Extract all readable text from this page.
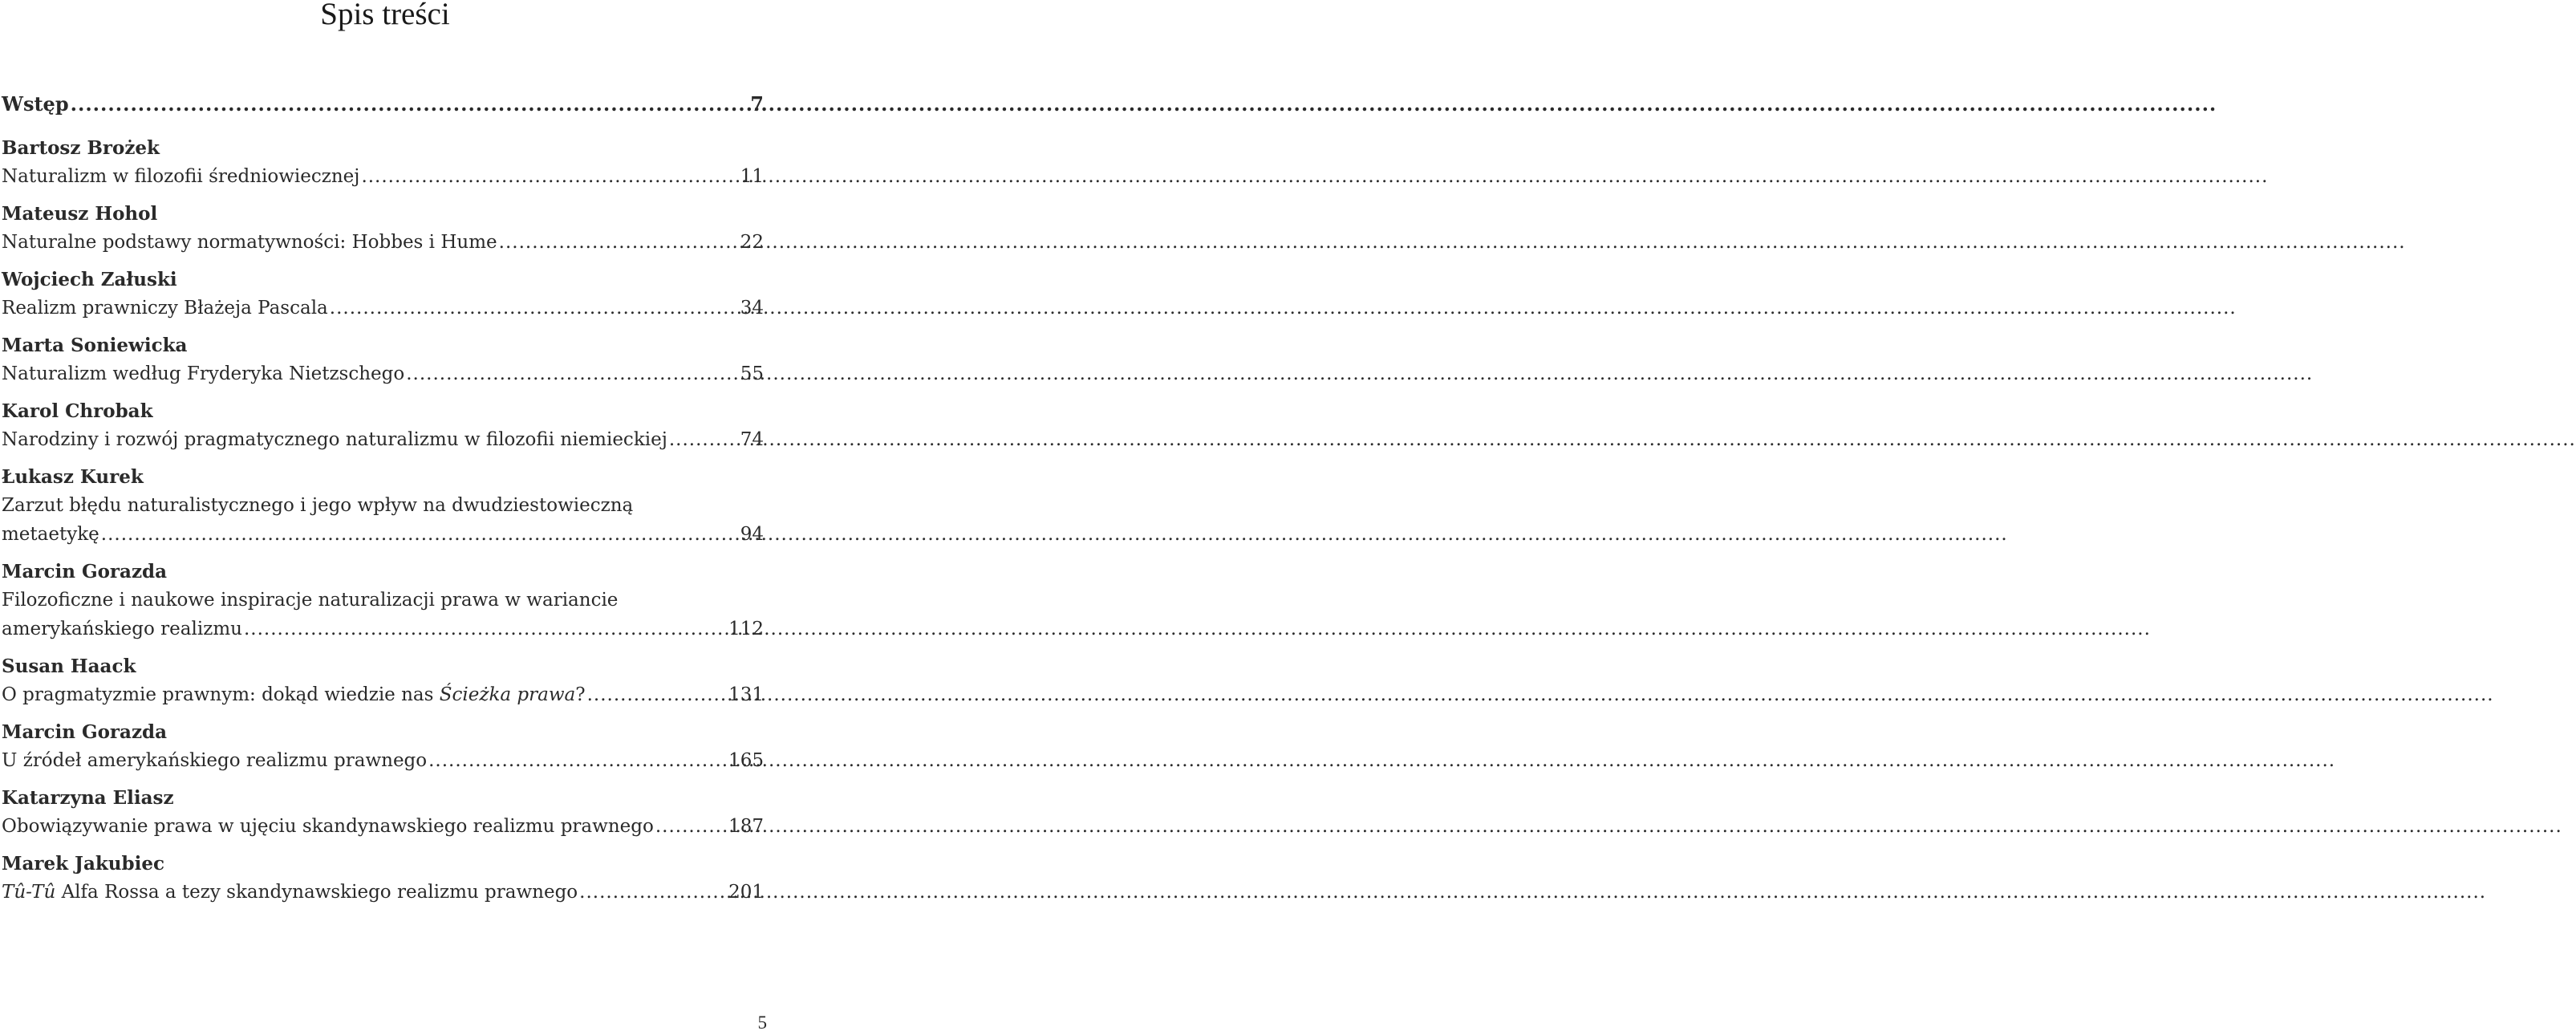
Spis treści
Wstęp .....	7
Bartosz Brożek
Naturalizm w filozofii średniowiecznej .....	11
Mateusz Hohol
Naturalne podstawy normatywności: Hobbes i Hume .....	22
Wojciech Załuski
Realizm prawniczy Błażeja Pascala .....	34
Marta Soniewicka
Naturalizm według Fryderyka Nietzschego .....	55
Karol Chrobak
Narodziny i rozwój pragmatycznego naturalizmu w filozofii niemieckiej .....	74
Łukasz Kurek
Zarzut błędu naturalistycznego i jego wpływ na dwudziestowieczną
metaetykę .....	94
Marcin Gorazda
Filozoficzne i naukowe inspiracje naturalizacji prawa w wariancie
amerykańskiego realizmu .....	112
Susan Haack
O pragmatyzmie prawnym: dokąd wiedzie nas Ścieżka prawa? .....	131
Marcin Gorazda
U źródeł amerykańskiego realizmu prawnego .....	165
Katarzyna Eliasz
Obowiązywanie prawa w ujęciu skandynawskiego realizmu prawnego .....	187
Marek Jakubiec
Tû-Tû Alfa Rossa a tezy skandynawskiego realizmu prawnego .....	201
5
